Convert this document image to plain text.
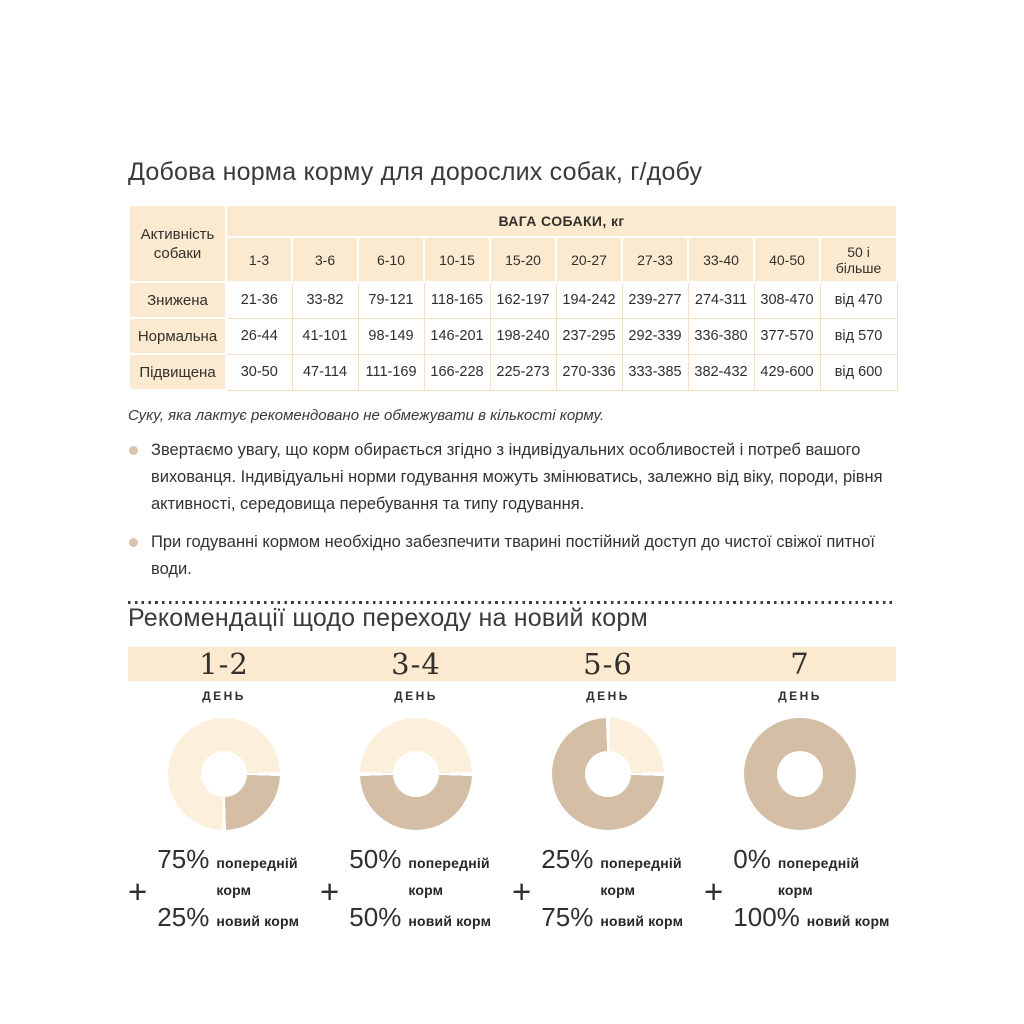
Добова норма корму для дорослих собак, г/добу
Активність собаки	ВАГА СОБАКИ, кг									
	1-3	3-6	6-10	10-15	15-20	20-27	27-33	33-40	40-50	50 і більше
Знижена	21-36	33-82	79-121	118-165	162-197	194-242	239-277	274-311	308-470	від 470
Нормальна	26-44	41-101	98-149	146-201	198-240	237-295	292-339	336-380	377-570	від 570
Підвищена	30-50	47-114	111-169	166-228	225-273	270-336	333-385	382-432	429-600	від 600

Суку, яка лактує рекомендовано не обмежувати в кількості корму.

Звертаємо увагу, що корм обирається згідно з індивідуальних особливостей і потреб вашого вихованця. Індивідуальні норми годування можуть змінюватись, залежно від віку, породи, рівня активності, середовища перебування та типу годування.
При годуванні кормом необхідно забезпечити тварині постійний доступ до чистої свіжої питної води.
Рекомендації щодо переходу на новий корм
1-2	3-4	5-6	7
ДЕНЬ	ДЕНЬ	ДЕНЬ	ДЕНЬ
+
75% попередній корм
25% новий корм
+
50% попередній корм
50% новий корм
+
25% попередній корм
75% новий корм
+
0% попередній корм
100% новий корм
